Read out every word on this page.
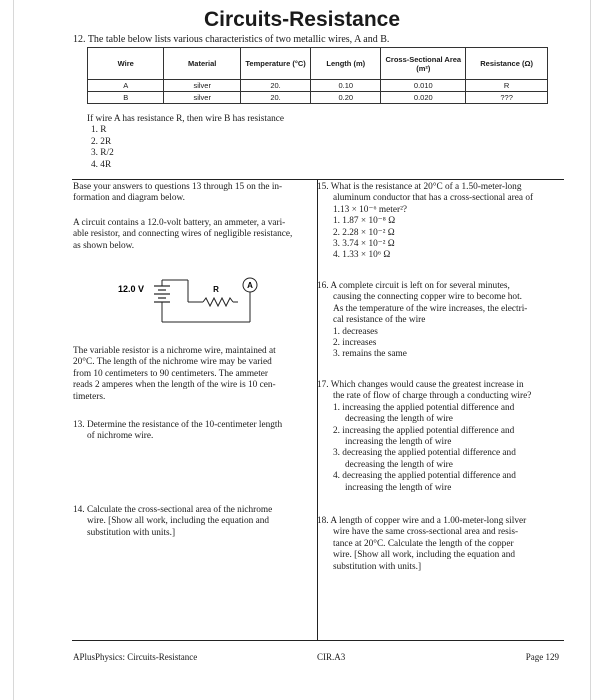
Circuits-Resistance
12. The table below lists various characteristics of two metallic wires, A and B.
Wire	Material	Temperature (°C)	Length (m)	Cross-Sectional Area (m²)	Resistance (Ω)
A	silver	20.	0.10	0.010	R
B	silver	20.	0.20	0.020	???
If wire A has resistance R, then wire B has resistance
1. R
2. 2R
3. R/2
4. 4R
Base your answers to questions 13 through 15 on the in-
formation and diagram below.
A circuit contains a 12.0-volt battery, an ammeter, a vari-
able resistor, and connecting wires of negligible resistance,
as shown below.
12.0 V	R	A
The variable resistor is a nichrome wire, maintained at
20°C. The length of the nichrome wire may be varied
from 10 centimeters to 90 centimeters. The ammeter
reads 2 amperes when the length of the wire is 10 cen-
timeters.
13. Determine the resistance of the 10-centimeter length
of nichrome wire.
14. Calculate the cross-sectional area of the nichrome
wire. [Show all work, including the equation and
substitution with units.]
15. What is the resistance at 20°C of a 1.50-meter-long
aluminum conductor that has a cross-sectional area of
1.13 × 10⁻⁶ meter²?
1. 1.87 × 10⁻⁸ Ω
2. 2.28 × 10⁻² Ω
3. 3.74 × 10⁻² Ω
4. 1.33 × 10⁶ Ω
16. A complete circuit is left on for several minutes,
causing the connecting copper wire to become hot.
As the temperature of the wire increases, the electri-
cal resistance of the wire
1. decreases
2. increases
3. remains the same
17. Which changes would cause the greatest increase in
the rate of flow of charge through a conducting wire?
1. increasing the applied potential difference and
decreasing the length of wire
2. increasing the applied potential difference and
increasing the length of wire
3. decreasing the applied potential difference and
decreasing the length of wire
4. decreasing the applied potential difference and
increasing the length of wire
18. A length of copper wire and a 1.00-meter-long silver
wire have the same cross-sectional area and resis-
tance at 20°C. Calculate the length of the copper
wire. [Show all work, including the equation and
substitution with units.]
APlusPhysics: Circuits-Resistance	CIR.A3	Page 129
